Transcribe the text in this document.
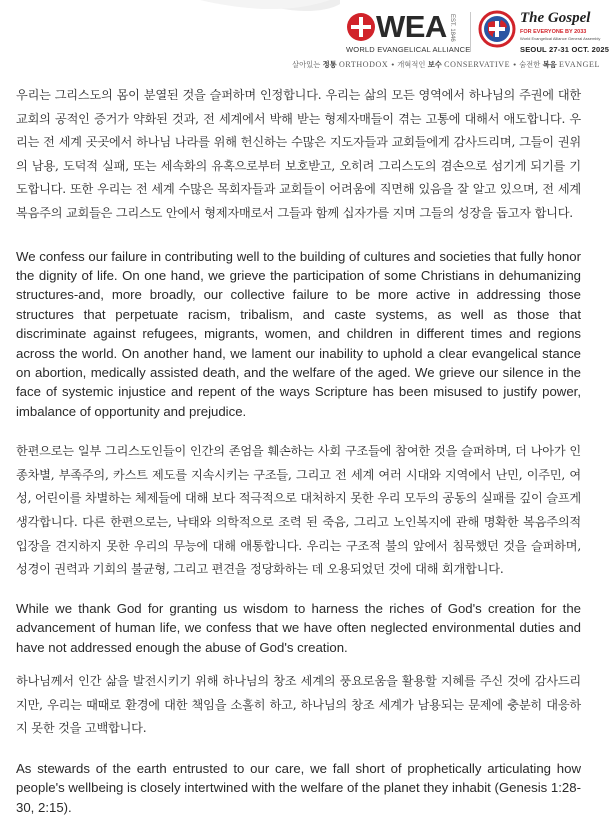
WEA EST. 1846
WORLD EVANGELICAL ALLIANCE
The Gospel
FOR EVERYONE BY 2033
World Evangelical Alliance General Assembly
SEOUL 27-31 OCT. 2025
살아있는 정통 ORTHODOX • 개혁적인 보수 CONSERVATIVE • 숨전한 복음 EVANGEL

우리는 그리스도의 몸이 분열된 것을 슬퍼하며 인정합니다. 우리는 삶의 모든 영역에서 하나님의 주권에 대한 교회의 공적인 증거가 약화된 것과, 전 세계에서 박해 받는 형제자매들이 겪는 고통에 대해서 애도합니다. 우리는 전 세계 곳곳에서 하나님 나라를 위해 헌신하는 수많은 지도자들과 교회들에게 감사드리며, 그들이 권위의 남용, 도덕적 실패, 또는 세속화의 유혹으로부터 보호받고, 오히려 그리스도의 겸손으로 섬기게 되기를 기도합니다. 또한 우리는 전 세계 수많은 목회자들과 교회들이 어려움에 직면해 있음을 잘 알고 있으며, 전 세계 복음주의 교회들은 그리스도 안에서 형제자매로서 그들과 함께 십자가를 지며 그들의 성장을 돕고자 합니다.

We confess our failure in contributing well to the building of cultures and societies that fully honor the dignity of life. On one hand, we grieve the participation of some Christians in dehumanizing structures-and, more broadly, our collective failure to be more active in addressing those structures that perpetuate racism, tribalism, and caste systems, as well as those that discriminate against refugees, migrants, women, and children in different times and regions across the world. On another hand, we lament our inability to uphold a clear evangelical stance on abortion, medically assisted death, and the welfare of the aged. We grieve our silence in the face of systemic injustice and repent of the ways Scripture has been misused to justify power, imbalance of opportunity and prejudice.

한편으로는 일부 그리스도인들이 인간의 존엄을 훼손하는 사회 구조들에 참여한 것을 슬퍼하며, 더 나아가 인종차별, 부족주의, 카스트 제도를 지속시키는 구조들, 그리고 전 세계 여러 시대와 지역에서 난민, 이주민, 여성, 어린이를 차별하는 체제들에 대해 보다 적극적으로 대처하지 못한 우리 모두의 공동의 실패를 깊이 슬프게 생각합니다. 다른 한편으로는, 낙태와 의학적으로 조력 된 죽음, 그리고 노인복지에 관해 명확한 복음주의적 입장을 견지하지 못한 우리의 무능에 대해 애통합니다. 우리는 구조적 불의 앞에서 침묵했던 것을 슬퍼하며, 성경이 권력과 기회의 불균형, 그리고 편견을 정당화하는 데 오용되었던 것에 대해 회개합니다.

While we thank God for granting us wisdom to harness the riches of God's creation for the advancement of human life, we confess that we have often neglected environmental duties and have not addressed enough the abuse of God's creation.

하나님께서 인간 삶을 발전시키기 위해 하나님의 창조 세계의 풍요로움을 활용할 지혜를 주신 것에 감사드리지만, 우리는 때때로 환경에 대한 책임을 소홀히 하고, 하나님의 창조 세계가 남용되는 문제에 충분히 대응하지 못한 것을 고백합니다.

As stewards of the earth entrusted to our care, we fall short of prophetically articulating how people's wellbeing is closely intertwined with the welfare of the planet they inhabit (Genesis 1:28-30, 2:15).
